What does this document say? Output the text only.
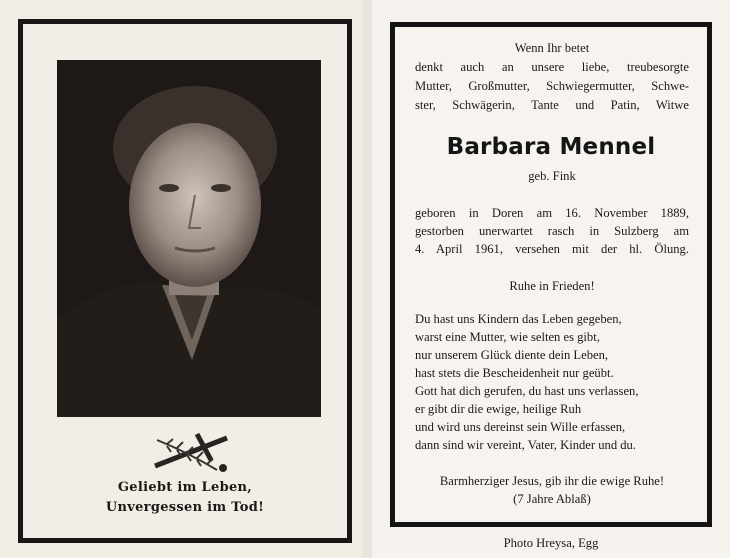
Geliebt im Leben,
Unvergessen im Tod!
Wenn Ihr betet
denkt auch an unsere liebe, treubesorgte
Mutter, Großmutter, Schwiegermutter, Schwe-
ster, Schwägerin, Tante und Patin, Witwe
Barbara Mennel
geb. Fink
geboren in Doren am 16. November 1889,
gestorben unerwartet rasch in Sulzberg am
4. April 1961, versehen mit der hl. Ölung.
Ruhe in Frieden!
Du hast uns Kindern das Leben gegeben,
warst eine Mutter, wie selten es gibt,
nur unserem Glück diente dein Leben,
hast stets die Bescheidenheit nur geübt.
Gott hat dich gerufen, du hast uns verlassen,
er gibt dir die ewige, heilige Ruh
und wird uns dereinst sein Wille erfassen,
dann sind wir vereint, Vater, Kinder und du.
Barmherziger Jesus, gib ihr die ewige Ruhe!
(7 Jahre Ablaß)
Photo Hreysa, Egg
